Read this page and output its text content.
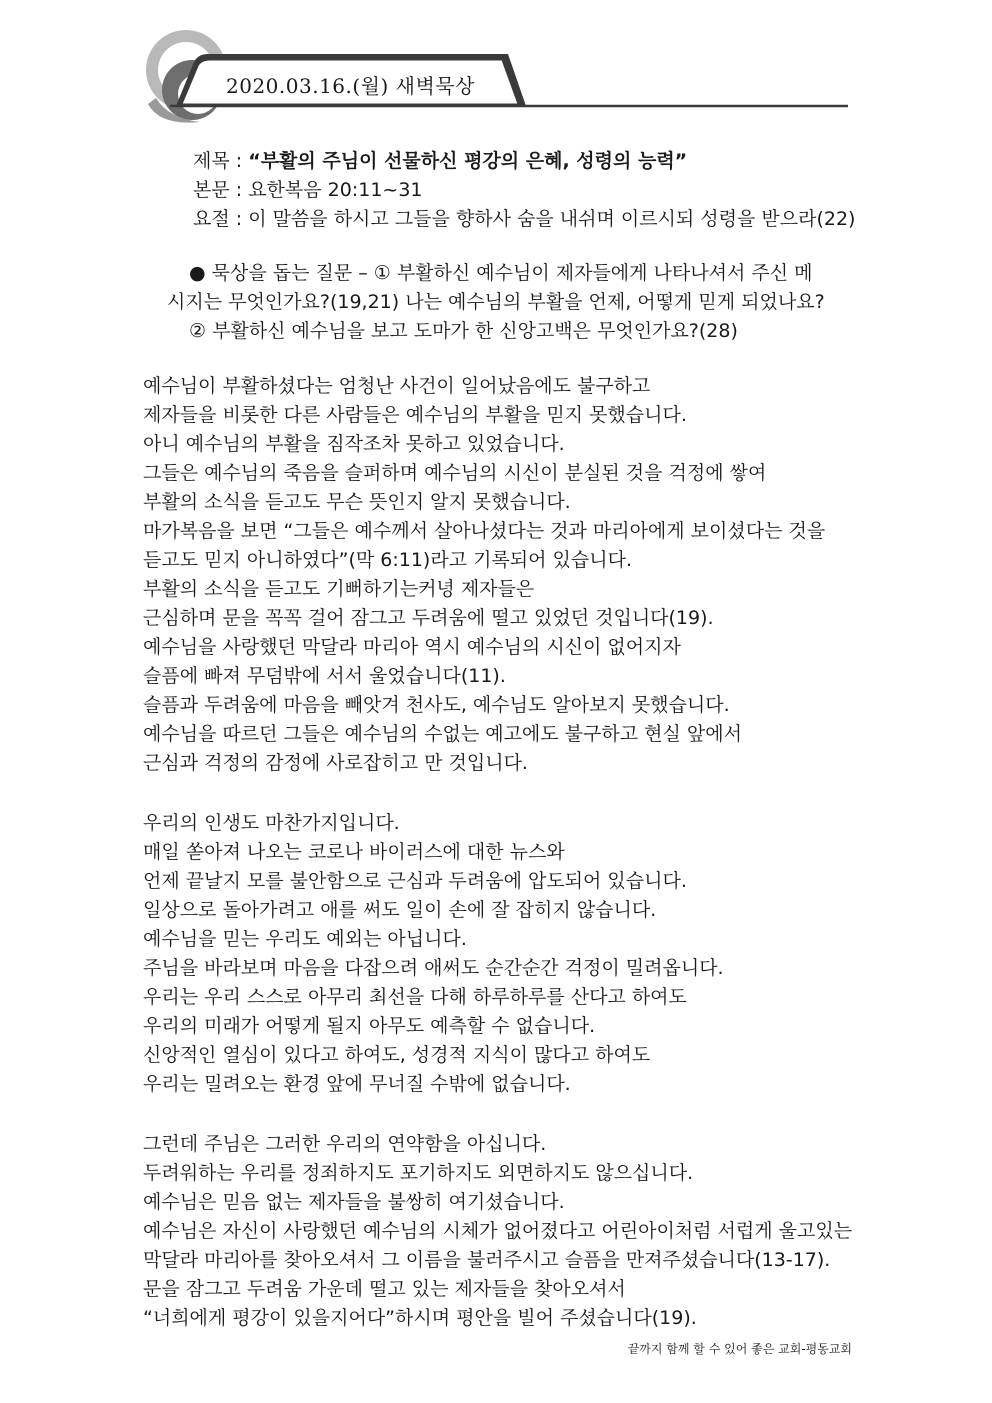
2020.03.16.(월) 새벽묵상
제목 : “부활의 주님이 선물하신 평강의 은혜, 성령의 능력”
본문 : 요한복음 20:11~31
요절 : 이 말씀을 하시고 그들을 향하사 숨을 내쉬며 이르시되 성령을 받으라(22)
● 묵상을 돕는 질문 – ① 부활하신 예수님이 제자들에게 나타나셔서 주신 메
시지는 무엇인가요?(19,21) 나는 예수님의 부활을 언제, 어떻게 믿게 되었나요?
② 부활하신 예수님을 보고 도마가 한 신앙고백은 무엇인가요?(28)
예수님이 부활하셨다는 엄청난 사건이 일어났음에도 불구하고
제자들을 비롯한 다른 사람들은 예수님의 부활을 믿지 못했습니다.
아니 예수님의 부활을 짐작조차 못하고 있었습니다.
그들은 예수님의 죽음을 슬퍼하며 예수님의 시신이 분실된 것을 걱정에 쌓여
부활의 소식을 듣고도 무슨 뜻인지 알지 못했습니다.
마가복음을 보면 “그들은 예수께서 살아나셨다는 것과 마리아에게 보이셨다는 것을
듣고도 믿지 아니하였다”(막 6:11)라고 기록되어 있습니다.
부활의 소식을 듣고도 기뻐하기는커녕 제자들은
근심하며 문을 꼭꼭 걸어 잠그고 두려움에 떨고 있었던 것입니다(19).
예수님을 사랑했던 막달라 마리아 역시 예수님의 시신이 없어지자
슬픔에 빠져 무덤밖에 서서 울었습니다(11).
슬픔과 두려움에 마음을 빼앗겨 천사도, 예수님도 알아보지 못했습니다.
예수님을 따르던 그들은 예수님의 수없는 예고에도 불구하고 현실 앞에서
근심과 걱정의 감정에 사로잡히고 만 것입니다.
우리의 인생도 마찬가지입니다.
매일 쏟아져 나오는 코로나 바이러스에 대한 뉴스와
언제 끝날지 모를 불안함으로 근심과 두려움에 압도되어 있습니다.
일상으로 돌아가려고 애를 써도 일이 손에 잘 잡히지 않습니다.
예수님을 믿는 우리도 예외는 아닙니다.
주님을 바라보며 마음을 다잡으려 애써도 순간순간 걱정이 밀려옵니다.
우리는 우리 스스로 아무리 최선을 다해 하루하루를 산다고 하여도
우리의 미래가 어떻게 될지 아무도 예측할 수 없습니다.
신앙적인 열심이 있다고 하여도, 성경적 지식이 많다고 하여도
우리는 밀려오는 환경 앞에 무너질 수밖에 없습니다.
그런데 주님은 그러한 우리의 연약함을 아십니다.
두려워하는 우리를 정죄하지도 포기하지도 외면하지도 않으십니다.
예수님은 믿음 없는 제자들을 불쌍히 여기셨습니다.
예수님은 자신이 사랑했던 예수님의 시체가 없어졌다고 어린아이처럼 서럽게 울고있는
막달라 마리아를 찾아오셔서 그 이름을 불러주시고 슬픔을 만져주셨습니다(13-17).
문을 잠그고 두려움 가운데 떨고 있는 제자들을 찾아오셔서
“너희에게 평강이 있을지어다”하시며 평안을 빌어 주셨습니다(19).
끝까지 함께 할 수 있어 좋은 교회-평동교회
